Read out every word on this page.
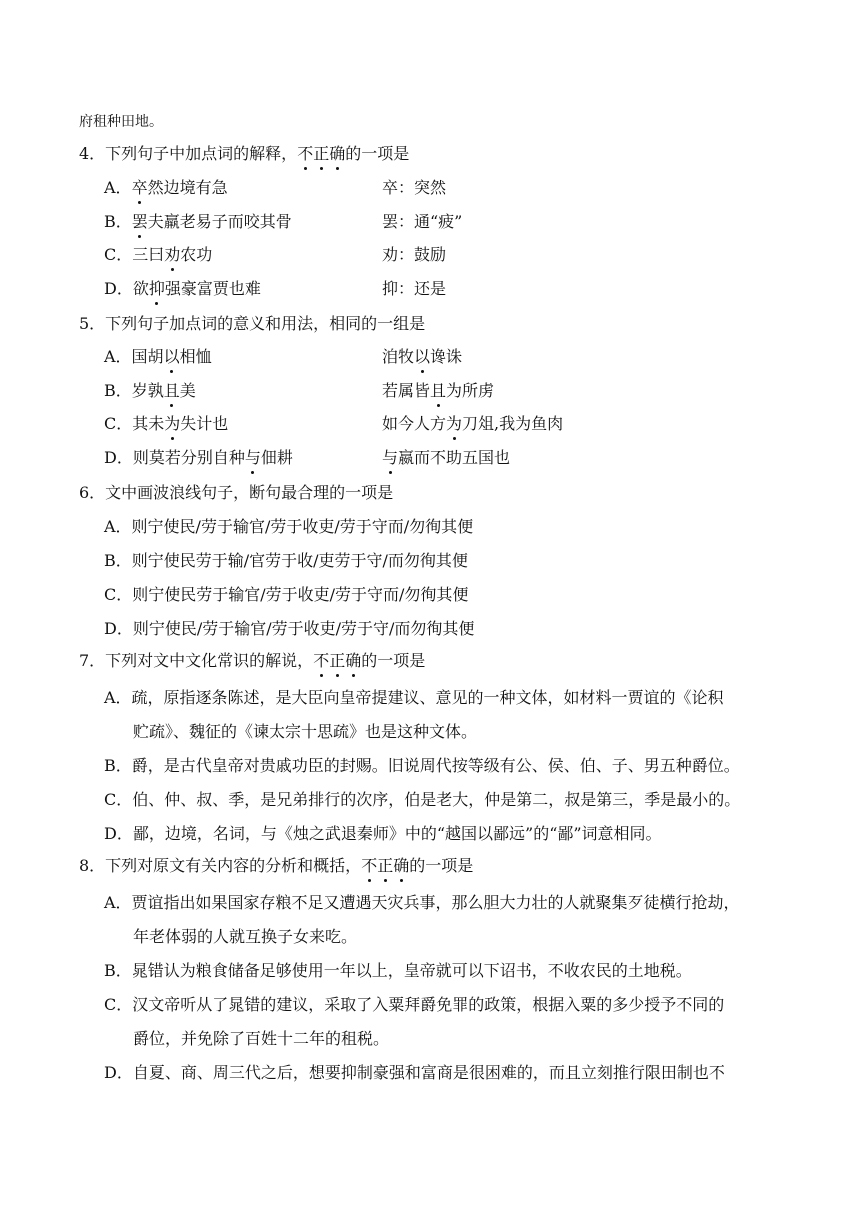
府租种田地。
4．下列句子中加点词的解释，不正确的一项是
A．卒然边境有急	卒：突然
B．罢夫羸老易子而咬其骨	罢：通“疲”
C．三曰劝农功	劝：鼓励
D．欲抑强豪富贾也难	抑：还是
5．下列句子加点词的意义和用法，相同的一组是
A．国胡以相恤	洎牧以谗诛
B．岁孰且美	若属皆且为所虏
C．其未为失计也	如今人方为刀俎,我为鱼肉
D．则莫若分别自种与佃耕	与嬴而不助五国也
6．文中画波浪线句子，断句最合理的一项是
A．则宁使民/劳于输官/劳于收吏/劳于守而/勿徇其便
B．则宁使民劳于输/官劳于收/吏劳于守/而勿徇其便
C．则宁使民劳于输官/劳于收吏/劳于守而/勿徇其便
D．则宁使民/劳于输官/劳于收吏/劳于守/而勿徇其便
7．下列对文中文化常识的解说，不正确的一项是
A．疏，原指逐条陈述，是大臣向皇帝提建议、意见的一种文体，如材料一贾谊的《论积
贮疏》、魏征的《谏太宗十思疏》也是这种文体。
B．爵，是古代皇帝对贵戚功臣的封赐。旧说周代按等级有公、侯、伯、子、男五种爵位。
C．伯、仲、叔、季，是兄弟排行的次序，伯是老大，仲是第二，叔是第三，季是最小的。
D．鄙，边境，名词，与《烛之武退秦师》中的“越国以鄙远”的“鄙”词意相同。
8．下列对原文有关内容的分析和概括，不正确的一项是
A．贾谊指出如果国家存粮不足又遭遇天灾兵事，那么胆大力壮的人就聚集歹徒横行抢劫，
年老体弱的人就互换子女来吃。
B．晁错认为粮食储备足够使用一年以上，皇帝就可以下诏书，不收农民的土地税。
C．汉文帝听从了晁错的建议，采取了入粟拜爵免罪的政策，根据入粟的多少授予不同的
爵位，并免除了百姓十二年的租税。
D．自夏、商、周三代之后，想要抑制豪强和富商是很困难的，而且立刻推行限田制也不
